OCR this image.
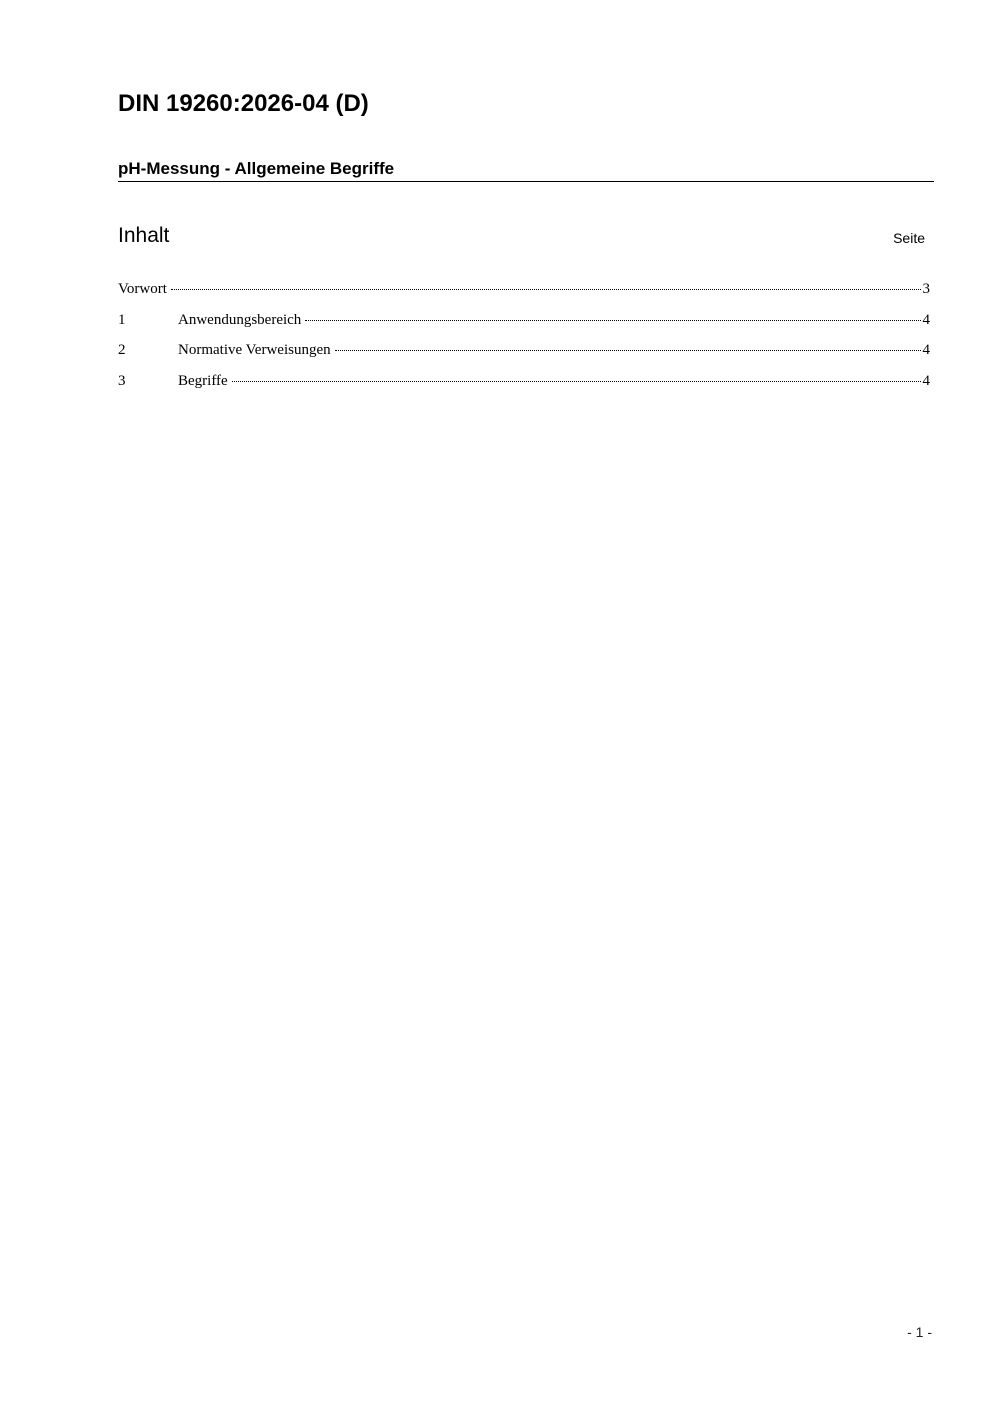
DIN 19260:2026-04 (D)
pH-Messung - Allgemeine Begriffe
Inhalt	Seite
Vorwort	3
1	Anwendungsbereich	4
2	Normative Verweisungen	4
3	Begriffe	4
- 1 -
